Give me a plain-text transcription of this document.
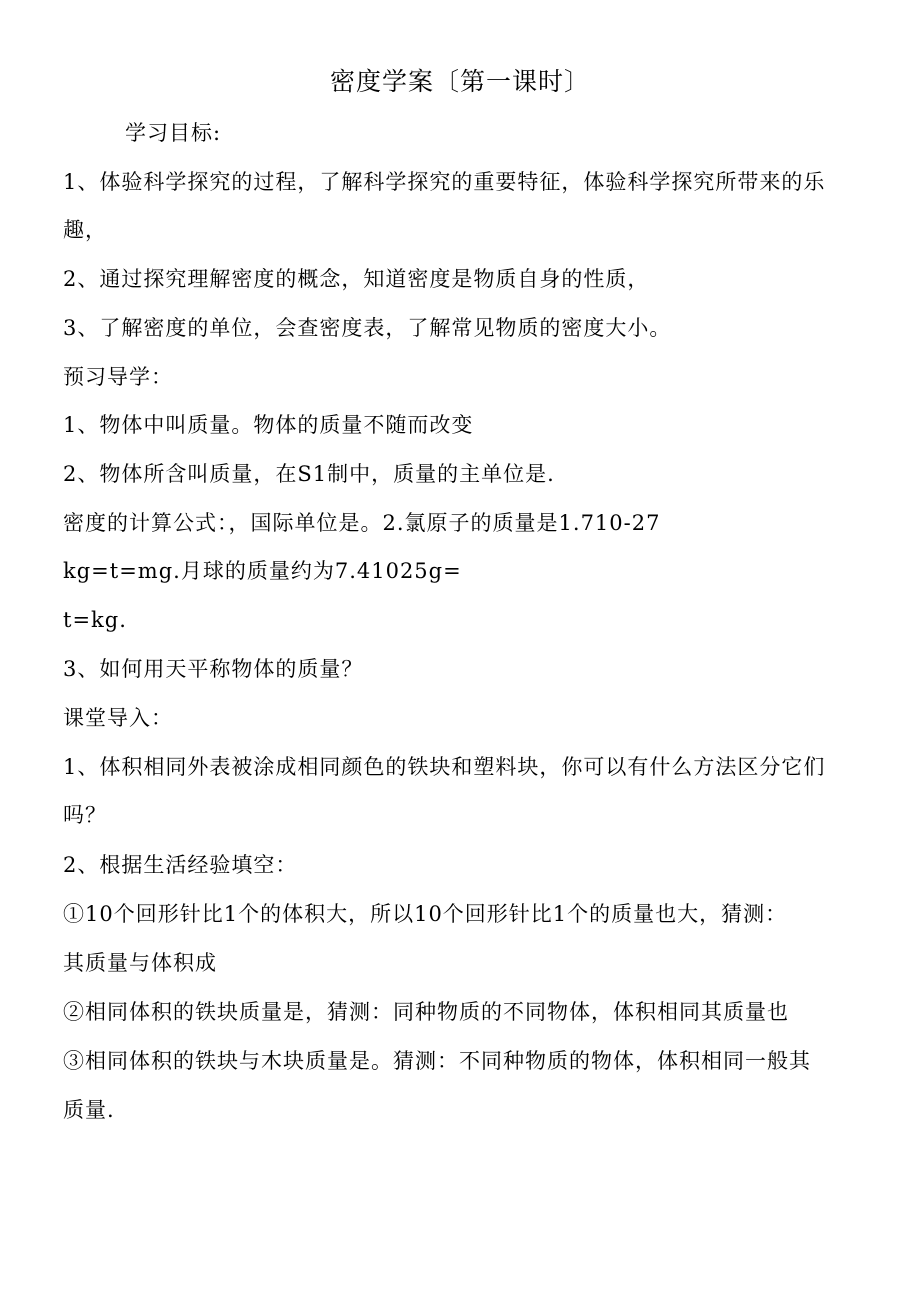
密度学案〔第一课时〕
学习目标:
1、体验科学探究的过程，了解科学探究的重要特征，体验科学探究所带来的乐
趣，
2、通过探究理解密度的概念，知道密度是物质自身的性质，
3、了解密度的单位，会查密度表，了解常见物质的密度大小。
预习导学：
1、物体中叫质量。物体的质量不随而改变
2、物体所含叫质量，在S1制中，质量的主单位是.
密度的计算公式：，国际单位是。2.氯原子的质量是1.710-27
kg=t=mg.月球的质量约为7.41025g=
t=kg.
3、如何用天平称物体的质量？
课堂导入：
1、体积相同外表被涂成相同颜色的铁块和塑料块，你可以有什么方法区分它们
吗？
2、根据生活经验填空：
①10个回形针比1个的体积大，所以10个回形针比1个的质量也大，猜测：
其质量与体积成
②相同体积的铁块质量是，猜测：同种物质的不同物体，体积相同其质量也
③相同体积的铁块与木块质量是。猜测：不同种物质的物体，体积相同一般其
质量.
